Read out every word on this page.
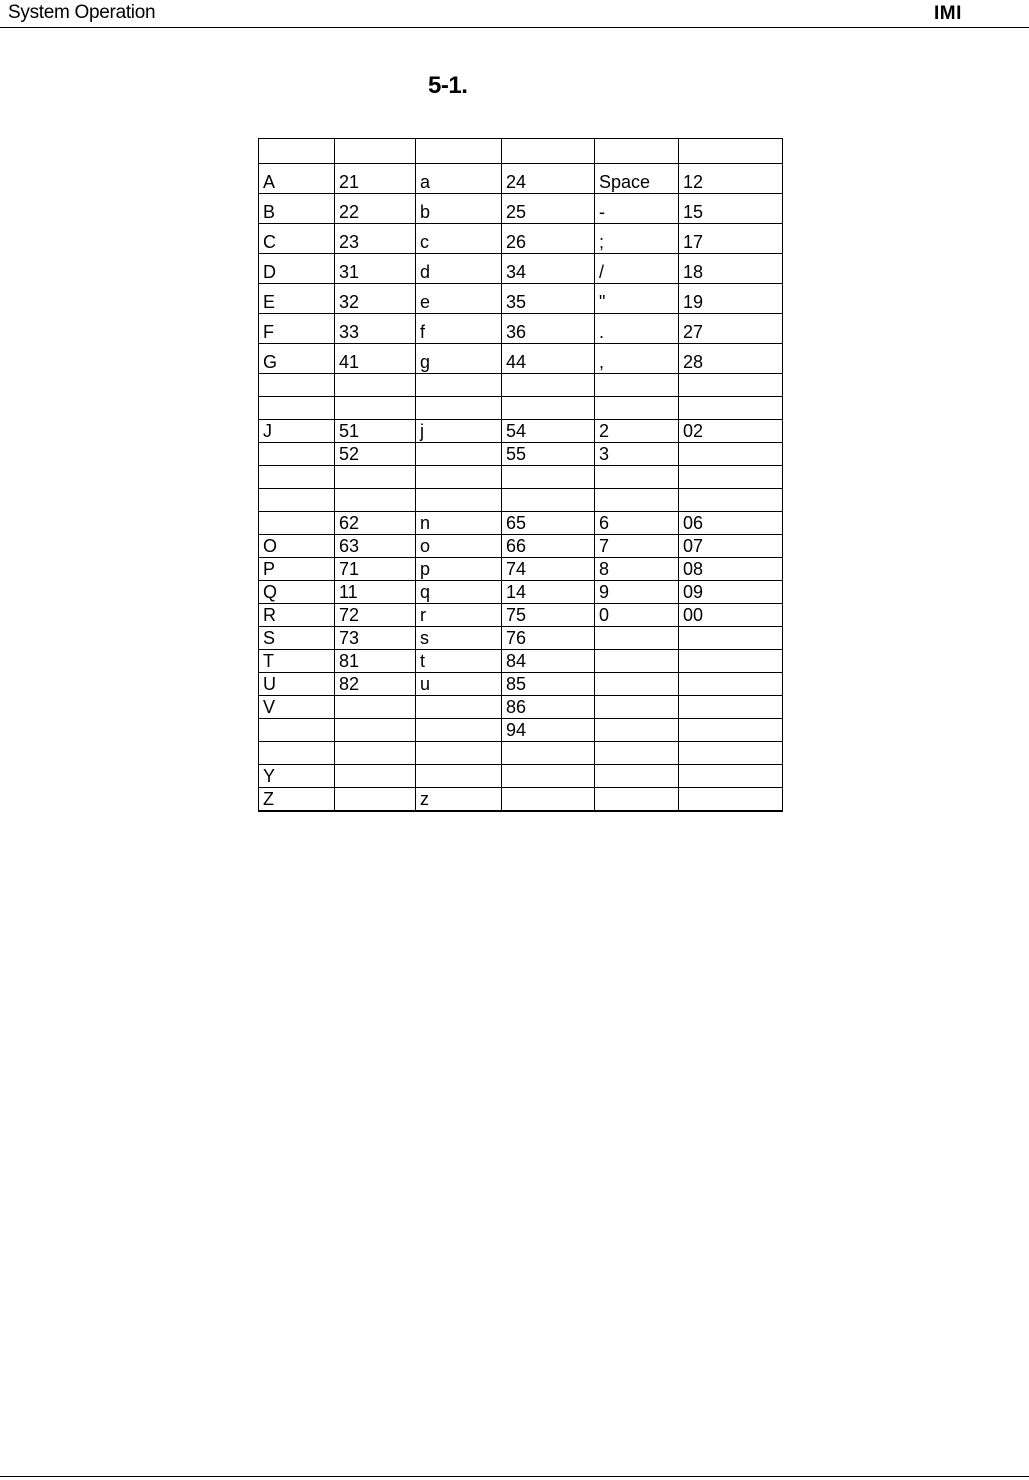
System Operation	IMI
5-1.

A	21	a	24	Space	12
B	22	b	25	-	15
C	23	c	26	;	17
D	31	d	34	/	18
E	32	e	35	"	19
F	33	f	36	.	27
G	41	g	44	,	28

J	51	j	54	2	02
	52		55	3	

	62	n	65	6	06
O	63	o	66	7	07
P	71	p	74	8	08
Q	11	q	14	9	09
R	72	r	75	0	00
S	73	s	76		
T	81	t	84		
U	82	u	85		
V			86		
			94		

Y					
Z		z			
